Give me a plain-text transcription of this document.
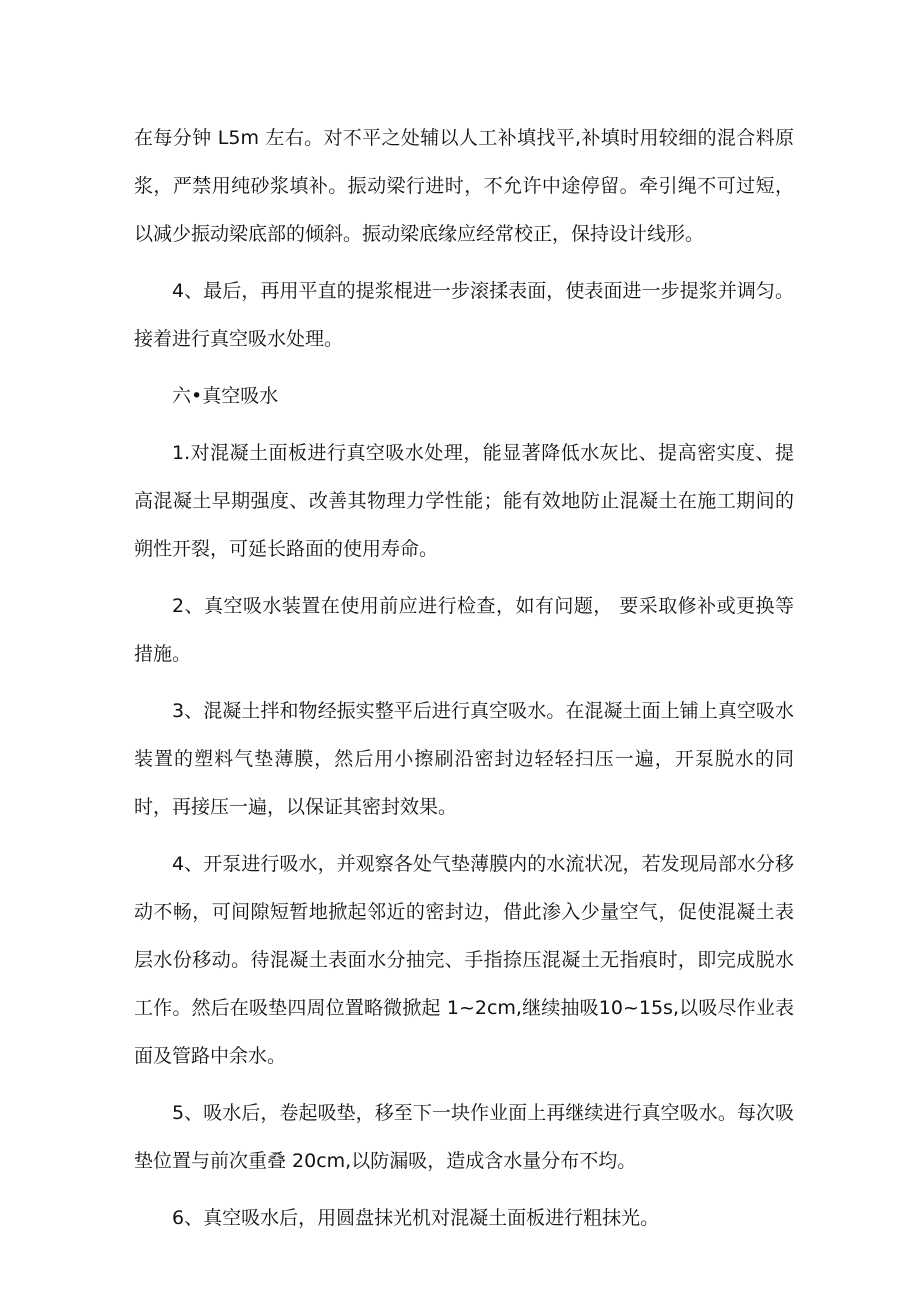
在每分钟 L5m 左右。对不平之处辅以人工补填找平,补填时用较细的混合料原浆，严禁用纯砂浆填补。振动梁行进时，不允许中途停留。牵引绳不可过短，以减少振动梁底部的倾斜。振动梁底缘应经常校正，保持设计线形。

4、最后，再用平直的提浆棍进一步滚揉表面，使表面进一步提浆并调匀。接着进行真空吸水处理。

六•真空吸水

1.对混凝土面板进行真空吸水处理，能显著降低水灰比、提高密实度、提高混凝土早期强度、改善其物理力学性能；能有效地防止混凝土在施工期间的朔性开裂，可延长路面的使用寿命。

2、真空吸水装置在使用前应进行检查，如有问题， 要采取修补或更换等措施。

3、混凝土拌和物经振实整平后进行真空吸水。在混凝土面上铺上真空吸水装置的塑料气垫薄膜，然后用小擦刷沿密封边轻轻扫压一遍，开泵脱水的同时，再接压一遍，以保证其密封效果。

4、开泵进行吸水，并观察各处气垫薄膜内的水流状况，若发现局部水分移动不畅，可间隙短暂地掀起邻近的密封边，借此渗入少量空气，促使混凝土表层水份移动。待混凝土表面水分抽完、手指捺压混凝土无指痕时，即完成脱水工作。然后在吸垫四周位置略微掀起 1~2cm,继续抽吸10~15s,以吸尽作业表面及管路中余水。

5、吸水后，卷起吸垫，移至下一块作业面上再继续进行真空吸水。每次吸垫位置与前次重叠 20cm,以防漏吸，造成含水量分布不均。

6、真空吸水后，用圆盘抹光机对混凝土面板进行粗抹光。
